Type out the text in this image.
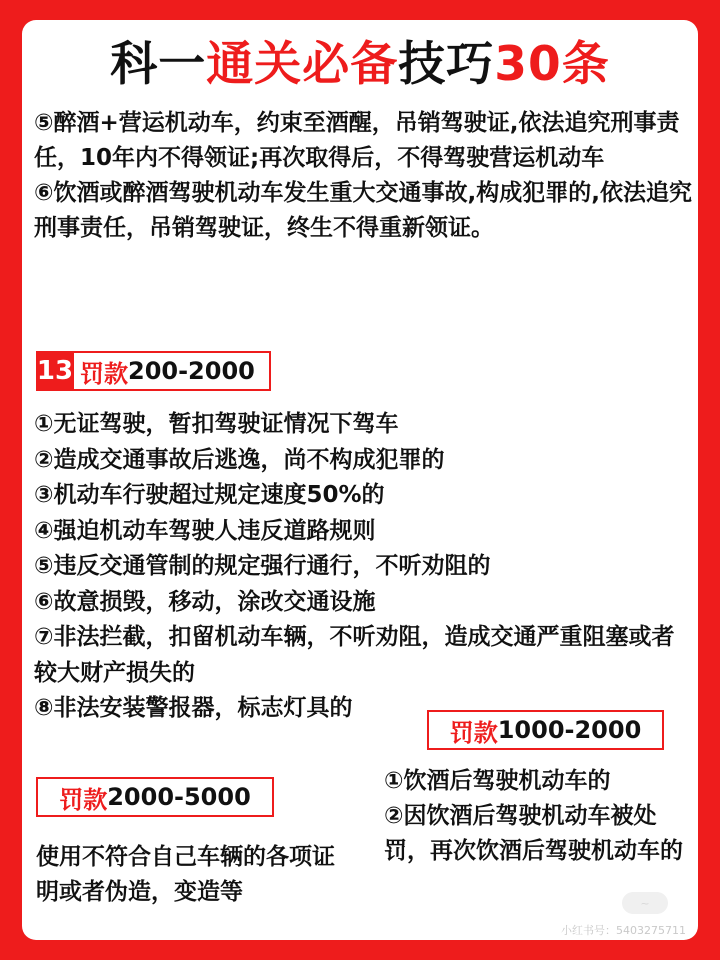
科一通关必备技巧30条

⑤醉酒+营运机动车，约束至酒醒，吊销驾驶证,依法追究刑事责任，10年内不得领证;再次取得后，不得驾驶营运机动车

⑥饮酒或醉酒驾驶机动车发生重大交通事故,构成犯罪的,依法追究刑事责任，吊销驾驶证，终生不得重新领证。

13 罚款 200-2000

①无证驾驶，暂扣驾驶证情况下驾车

②造成交通事故后逃逸，尚不构成犯罪的

③机动车行驶超过规定速度50%的

④强迫机动车驾驶人违反道路规则

⑤违反交通管制的规定强行通行，不听劝阻的

⑥故意损毁，移动，涂改交通设施

⑦非法拦截，扣留机动车辆，不听劝阻，造成交通严重阻塞或者较大财产损失的

⑧非法安装警报器，标志灯具的

罚款 1000-2000
罚款 2000-5000
①饮酒后驾驶机动车的
②因饮酒后驾驶机动车被处罚，再次饮酒后驾驶机动车的
使用不符合自己车辆的各项证明或者伪造，变造等	~
小红书号：5403275711
